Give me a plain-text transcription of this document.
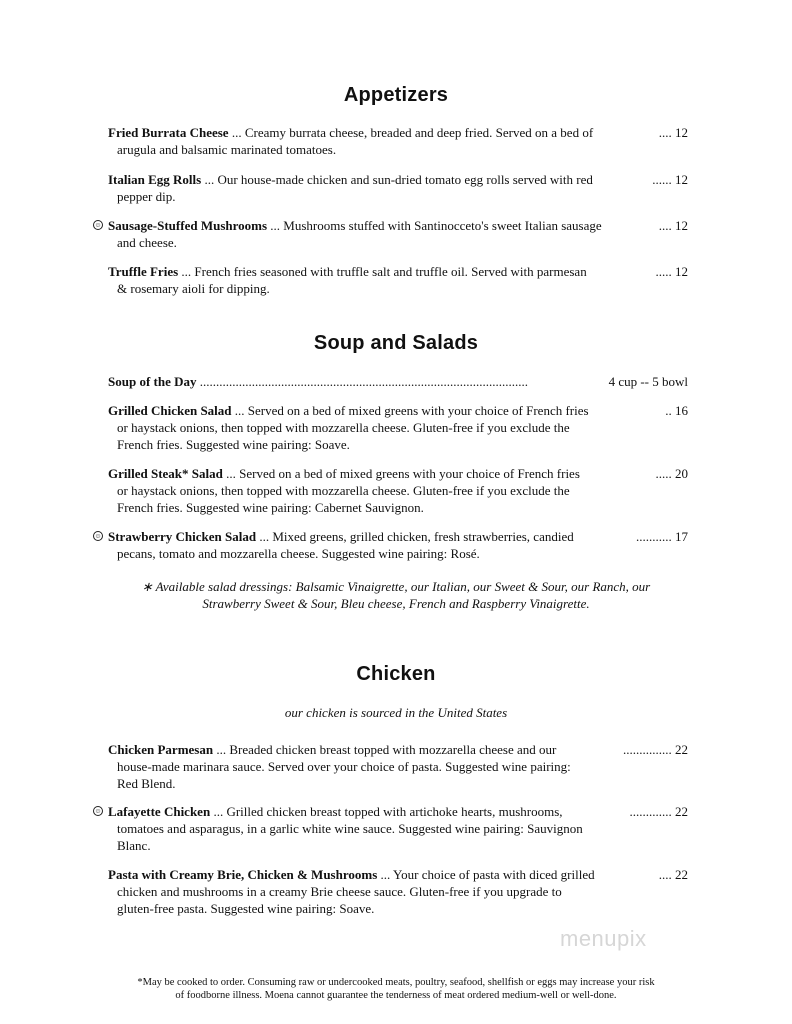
Appetizers
Fried Burrata Cheese ... Creamy burrata cheese, breaded and deep fried. Served on a bed of	.... 12
arugula and balsamic marinated tomatoes.
Italian Egg Rolls ... Our house-made chicken and sun-dried tomato egg rolls served with red	...... 12
pepper dip.
☺ Sausage-Stuffed Mushrooms ... Mushrooms stuffed with Santinocceto's sweet Italian sausage	.... 12
and cheese.
Truffle Fries ... French fries seasoned with truffle salt and truffle oil. Served with parmesan	..... 12
& rosemary aioli for dipping.
Soup and Salads
Soup of the Day .....................................................................................................	4 cup -- 5 bowl
Grilled Chicken Salad ... Served on a bed of mixed greens with your choice of French fries	.. 16
or haystack onions, then topped with mozzarella cheese. Gluten-free if you exclude the
French fries. Suggested wine pairing: Soave.
Grilled Steak* Salad ... Served on a bed of mixed greens with your choice of French fries	..... 20
or haystack onions, then topped with mozzarella cheese. Gluten-free if you exclude the
French fries. Suggested wine pairing: Cabernet Sauvignon.
☺ Strawberry Chicken Salad ... Mixed greens, grilled chicken, fresh strawberries, candied	........... 17
pecans, tomato and mozzarella cheese. Suggested wine pairing: Rosé.
∗ Available salad dressings: Balsamic Vinaigrette, our Italian, our Sweet & Sour, our Ranch, our
Strawberry Sweet & Sour, Bleu cheese, French and Raspberry Vinaigrette.
Chicken
our chicken is sourced in the United States
Chicken Parmesan ... Breaded chicken breast topped with mozzarella cheese and our	............... 22
house-made marinara sauce. Served over your choice of pasta. Suggested wine pairing:
Red Blend.
☺ Lafayette Chicken ... Grilled chicken breast topped with artichoke hearts, mushrooms,	............. 22
tomatoes and asparagus, in a garlic white wine sauce. Suggested wine pairing: Sauvignon
Blanc.
Pasta with Creamy Brie, Chicken & Mushrooms ... Your choice of pasta with diced grilled	.... 22
chicken and mushrooms in a creamy Brie cheese sauce. Gluten-free if you upgrade to
gluten-free pasta. Suggested wine pairing: Soave.
menupix
*May be cooked to order. Consuming raw or undercooked meats, poultry, seafood, shellfish or eggs may increase your risk
of foodborne illness. Moena cannot guarantee the tenderness of meat ordered medium-well or well-done.
